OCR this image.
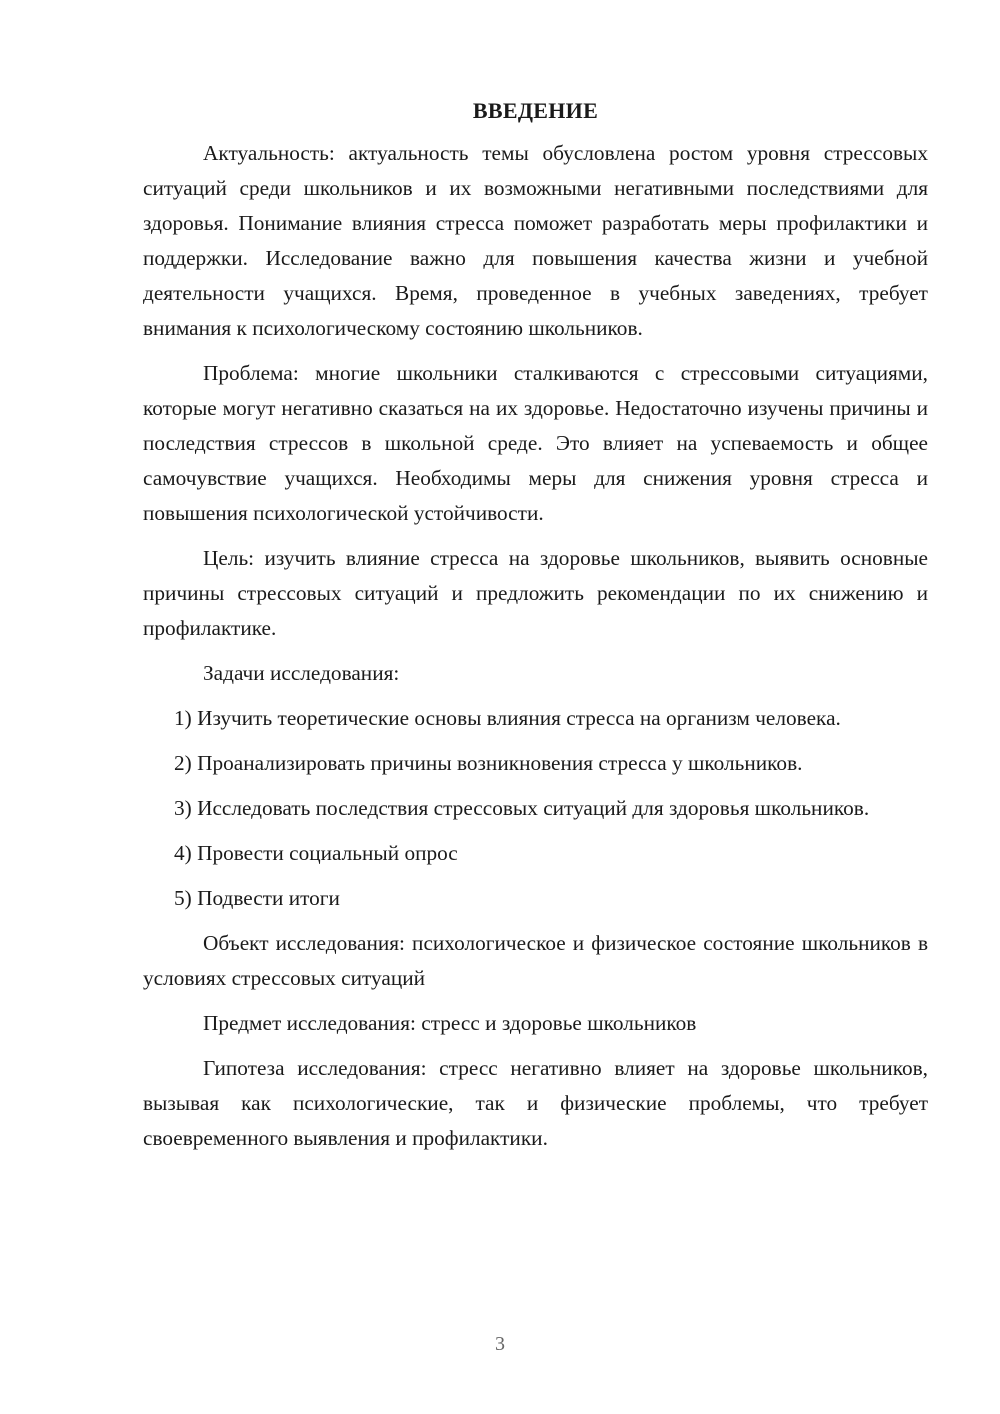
ВВЕДЕНИЕ

Актуальность: актуальность темы обусловлена ростом уровня стрессовых ситуаций среди школьников и их возможными негативными последствиями для здоровья. Понимание влияния стресса поможет разработать меры профилактики и поддержки. Исследование важно для повышения качества жизни и учебной деятельности учащихся. Время, проведенное в учебных заведениях, требует внимания к психологическому состоянию школьников.

Проблема: многие школьники сталкиваются с стрессовыми ситуациями, которые могут негативно сказаться на их здоровье. Недостаточно изучены причины и последствия стрессов в школьной среде. Это влияет на успеваемость и общее самочувствие учащихся. Необходимы меры для снижения уровня стресса и повышения психологической устойчивости.

Цель: изучить влияние стресса на здоровье школьников, выявить основные причины стрессовых ситуаций и предложить рекомендации по их снижению и профилактике.

Задачи исследования:

1) Изучить теоретические основы влияния стресса на организм человека.

2) Проанализировать причины возникновения стресса у школьников.

3) Исследовать последствия стрессовых ситуаций для здоровья школьников.

4) Провести социальный опрос

5) Подвести итоги

Объект исследования: психологическое и физическое состояние школьников в условиях стрессовых ситуаций

Предмет исследования: стресс и здоровье школьников

Гипотеза исследования: стресс негативно влияет на здоровье школьников, вызывая как психологические, так и физические проблемы, что требует своевременного выявления и профилактики.

3
